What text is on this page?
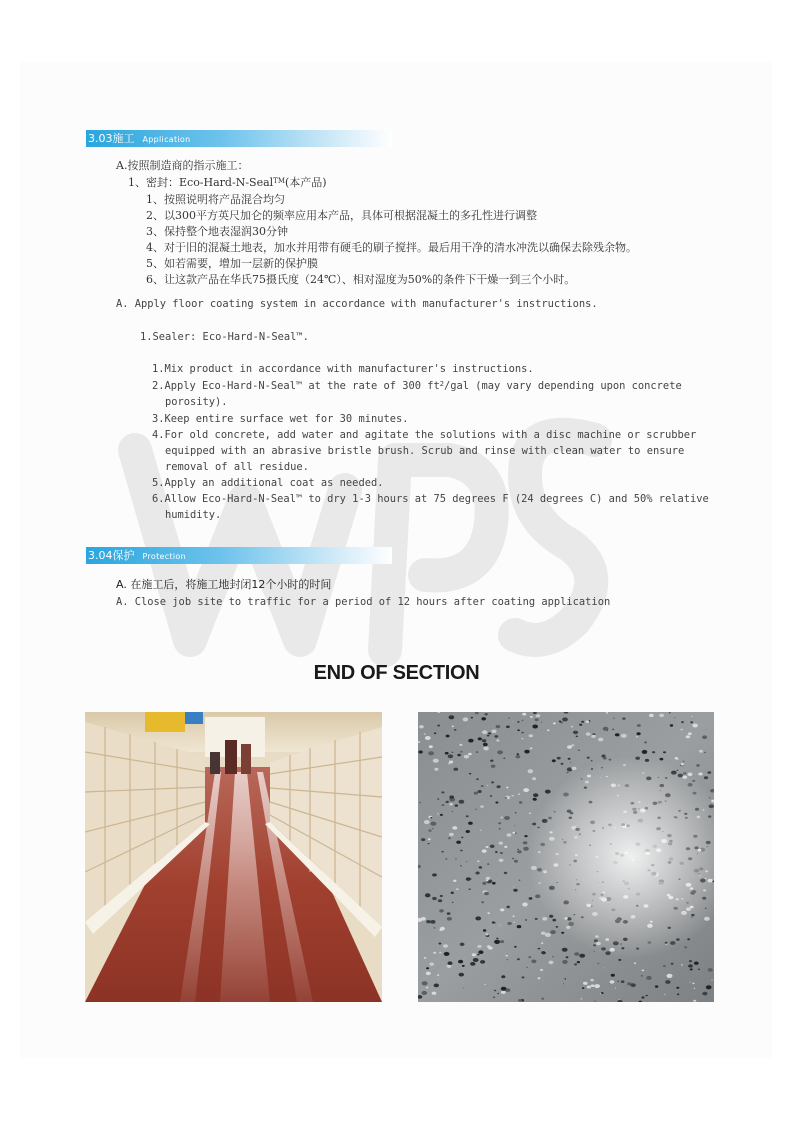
3.03施工 Application
A.按照制造商的指示施工：
1、密封：Eco-Hard-N-Seal™(本产品)
1、按照说明将产品混合均匀
2、以300平方英尺加仑的频率应用本产品，具体可根据混凝土的多孔性进行调整
3、保持整个地表湿润30分钟
4、对于旧的混凝土地表，加水并用带有硬毛的刷子搅拌。最后用干净的清水冲洗以确保去除残余物。
5、如若需要，增加一层新的保护膜
6、让这款产品在华氏75摄氏度（24℃）、相对湿度为50%的条件下干燥一到三个小时。
A. Apply floor coating system in accordance with manufacturer's instructions.
1.Sealer: Eco-Hard-N-Seal™.
1.Mix product in accordance with manufacturer's instructions.
2.Apply Eco-Hard-N-Seal™ at the rate of 300 $ft^2$/gal (may vary depending upon concrete
porosity).
3.Keep entire surface wet for 30 minutes.
4.For old concrete, add water and agitate the solutions with a disc machine or scrubber
equipped with an abrasive bristle brush. Scrub and rinse with clean water to ensure
removal of all residue.
5.Apply an additional coat as needed.
6.Allow Eco-Hard-N-Seal™ to dry 1-3 hours at 75 degrees F (24 degrees C) and 50% relative
humidity.
3.04保护 Protection
A. 在施工后，将施工地封闭12个小时的时间
A. Close job site to traffic for a period of 12 hours after coating application
END OF SECTION
